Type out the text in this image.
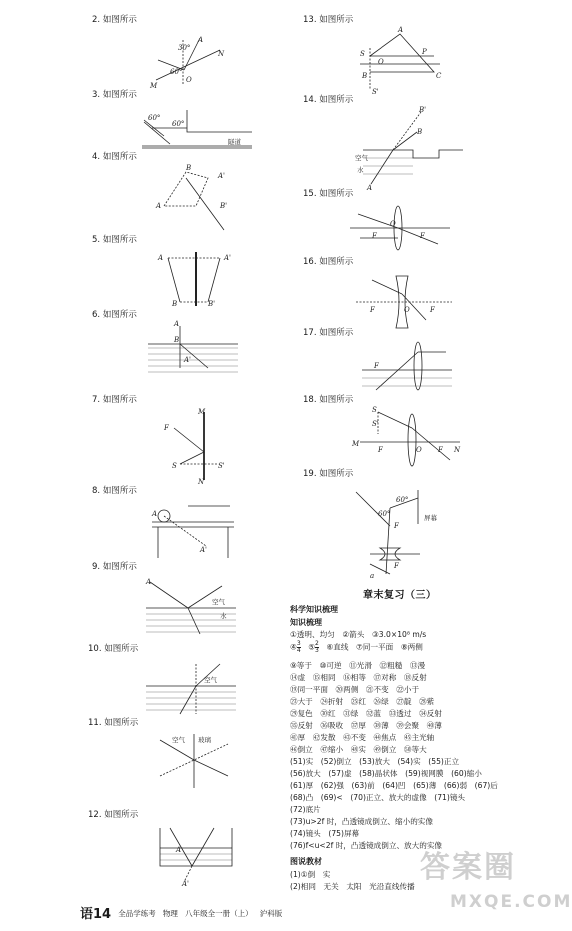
2. 如图所示
3. 如图所示
4. 如图所示
5. 如图所示
6. 如图所示
7. 如图所示
8. 如图所示
9. 如图所示
10. 如图所示
11. 如图所示
12. 如图所示
13. 如图所示
14. 如图所示
15. 如图所示
16. 如图所示
17. 如图所示
18. 如图所示
19. 如图所示
30°
A
N
60°
M
O
60°
60°
隧道
A
A'
B
B'
A	A'
B	B'
A
B
A'
M
F
S	S'
N
A
A'
A
空气
水
空气
空气 玻璃
A
A'
A
S
O
P
B	C
S'
B'
B
空气
水
A
O
F	F
F	O	F
F
S
S'
M
F	O F N
60°
60°	屏幕
F
F
a
章末复习（三）
科学知识梳理
知识梳理
①透明、均匀　②箭头　③3.0×10⁸ m/s
④ $\frac{3}{4}$ 　⑤ $\frac{2}{3}$ 　⑥直线　⑦同一平面　⑧两侧
⑨等于　⑩可逆　⑪光滑　⑫粗糙　⑬漫
⑭虚　⑮相同　⑯相等　⑰对称　⑱反射
⑲同一平面　⑳两侧　㉑不变　㉒小于
㉓大于　㉔折射　㉕红　㉖绿　㉗靛　㉘紫
㉙复色　㉚红　㉛绿　㉜蓝　㉝透过　㉞反射
㉟反射　㊱吸收　㊲厚　㊳薄　㊴会聚　㊵薄
㊶厚　㊷发散　㊸不变　㊹焦点　㊺主光轴
㊻倒立　㊼缩小　㊽实　㊾倒立　㊿等大
(51)实　(52)倒立　(53)放大　(54)实　(55)正立
(56)放大　(57)虚　(58)晶状体　(59)视网膜　(60)缩小
(61)厚　(62)强　(63)前　(64)凹　(65)薄　(66)弱　(67)后
(68)凸　(69)<　(70)正立、放大的虚像　(71)镜头
(72)底片
(73)u>2f 时，凸透镜成倒立、缩小的实像
(74)镜头　(75)屏幕
(76)f<u<2f 时，凸透镜成倒立、放大的实像
图说教材
(1)①倒　实
(2)相同　无关　太阳　光沿直线传播
答案圈
MXQE.COM
语14 全品学练考 物理 八年级全一册（上） 沪科版
